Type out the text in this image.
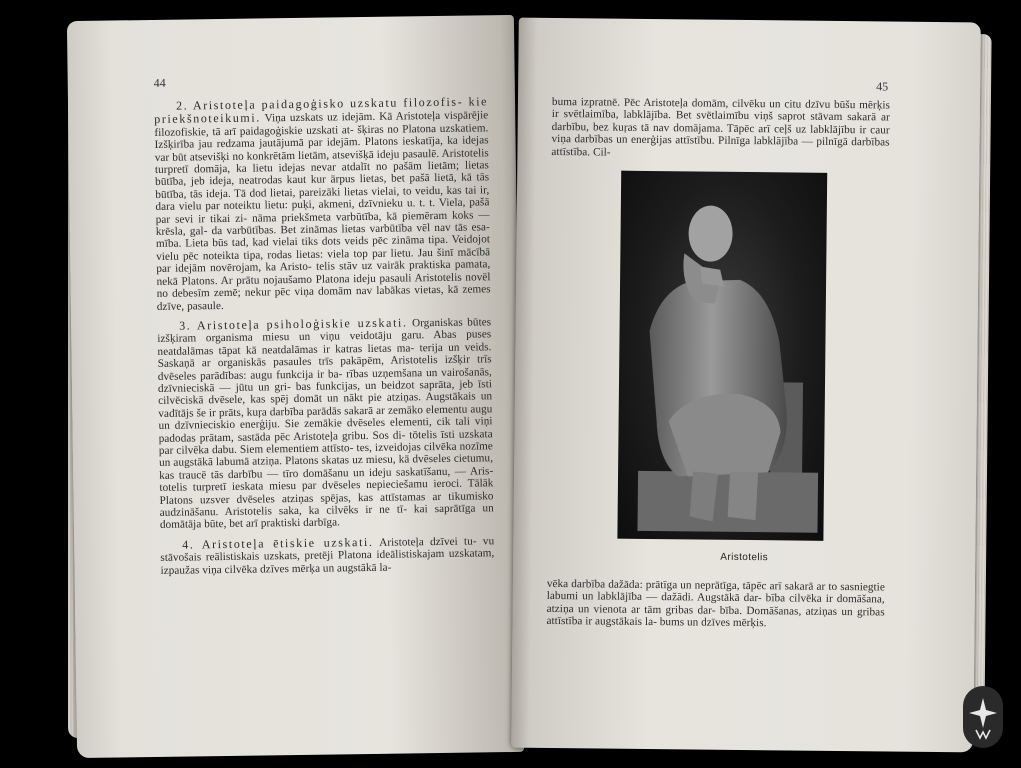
44

2. Aristoteļa paidagoģisko uzskatu filozofis- kie priekšnoteikumi. Viņa uzskats uz idejām. Kā Aristoteļa vispārējie filozofiskie, tā arī paidagoģiskie uzskati at- šķiras no Platona uzskatiem. Izšķirība jau redzama jautājumā par idejām. Platons ieskatīja, ka idejas var būt atsevišķi no konkrētām lietām, atsevišķā ideju pasaulē. Aristotelis turpretī domāja, ka lietu idejas nevar atdalīt no pašām lietām; lietas būtība, jeb ideja, neatrodas kaut kur ārpus lietas, bet pašā lietā, kā tās būtība, tās ideja. Tā dod lietai, pareizāki lietas vielai, to veidu, kas tai ir, dara vielu par noteiktu lietu: puķi, akmeni, dzīvnieku u. t. t. Viela, pašā par sevi ir tikai zi- nāma priekšmeta varbūtība, kā piemēram koks — krēsla, gal- da varbūtības. Bet zināmas lietas varbūtība vēl nav tās esa- mība. Lieta būs tad, kad vielai tiks dots veids pēc zināma tipa. Veidojot vielu pēc noteikta tipa, rodas lietas: viela top par lietu. Jau šinī mācībā par idejām novērojam, ka Aristo- telis stāv uz vairāk praktiska pamata, nekā Platons. Ar prātu nojaušamo Platona ideju pasauli Aristotelis novēl no debesīm zemē; nekur pēc viņa domām nav labākas vietas, kā zemes dzīve, pasaule.

3. Aristoteļa psiholoģiskie uzskati. Organiskas būtes izšķiram organisma miesu un viņu veidotāju garu. Abas puses neatdalāmas tāpat kā neatdalāmas ir katras lietas ma- terija un veids. Saskaņā ar organiskās pasaules trīs pakāpēm, Aristotelis izšķir trīs dvēseles parādības: augu funkcija ir ba- rības uzņemšana un vairošanās, dzīvnieciskā — jūtu un gri- bas funkcijas, un beidzot saprāta, jeb īsti cilvēciskā dvēsele, kas spēj domāt un nākt pie atziņas. Augstākais un vadītājs še ir prāts, kuŗa darbība parādās sakarā ar zemāko elementu augu un dzīvnieciskio enerģiju. Sie zemākie dvēseles elementi, cik tali viņi padodas prātam, sastāda pēc Aristoteļa gribu. Sos di- tōtelis īsti uzskata par cilvēka dabu. Siem elementiem attīsto- tes, izveidojas cilvēka nozīme un augstākā labumā atziņa. Platons skatas uz miesu, kā dvēseles cietumu, kas traucē tās darbību — tīro domāšanu un ideju saskatīšanu, — Aris- totelis turpretī ieskata miesu par dvēseles nepieciešamu ieroci. Tālāk Platons uzsver dvēseles atziņas spējas, kas attīstamas ar tikumisko audzināšanu. Aristotelis saka, ka cilvēks ir ne tī- kai saprātīga un domātāja būte, bet arī praktiski darbīga.

4. Aristoteļa ētiskie uzskati. Aristoteļa dzīvei tu- vu stāvošais reālistiskais uzskats, pretēji Platona ideālistiskajam uzskatam, izpaužas viņa cilvēka dzīves mērķa un augstākā la-

45
buma izpratnē. Pēc Aristoteļa domām, cilvēku un citu dzīvu būšu mērķis ir svētlaimība, labklājība. Bet svētlaimību viņš saprot stāvam sakarā ar darbību, bez kuŗas tā nav domājama. Tāpēc arī ceļš uz labklājību ir caur viņa darbības un enerģijas attīstību. Pilnīga labklājība — pilnīgā darbības attīstība. Cil-
Aristotelis
vēka darbība dažāda: prātīga un neprātīga, tāpēc arī sakarā ar to sasniegtie labumi un labklājība — dažādi. Augstākā dar- bība cilvēka ir domāšana, atziņa un vienota ar tām gribas dar- bība. Domāšanas, atziņas un gribas attīstība ir augstākais la- bums un dzīves mērķis.
